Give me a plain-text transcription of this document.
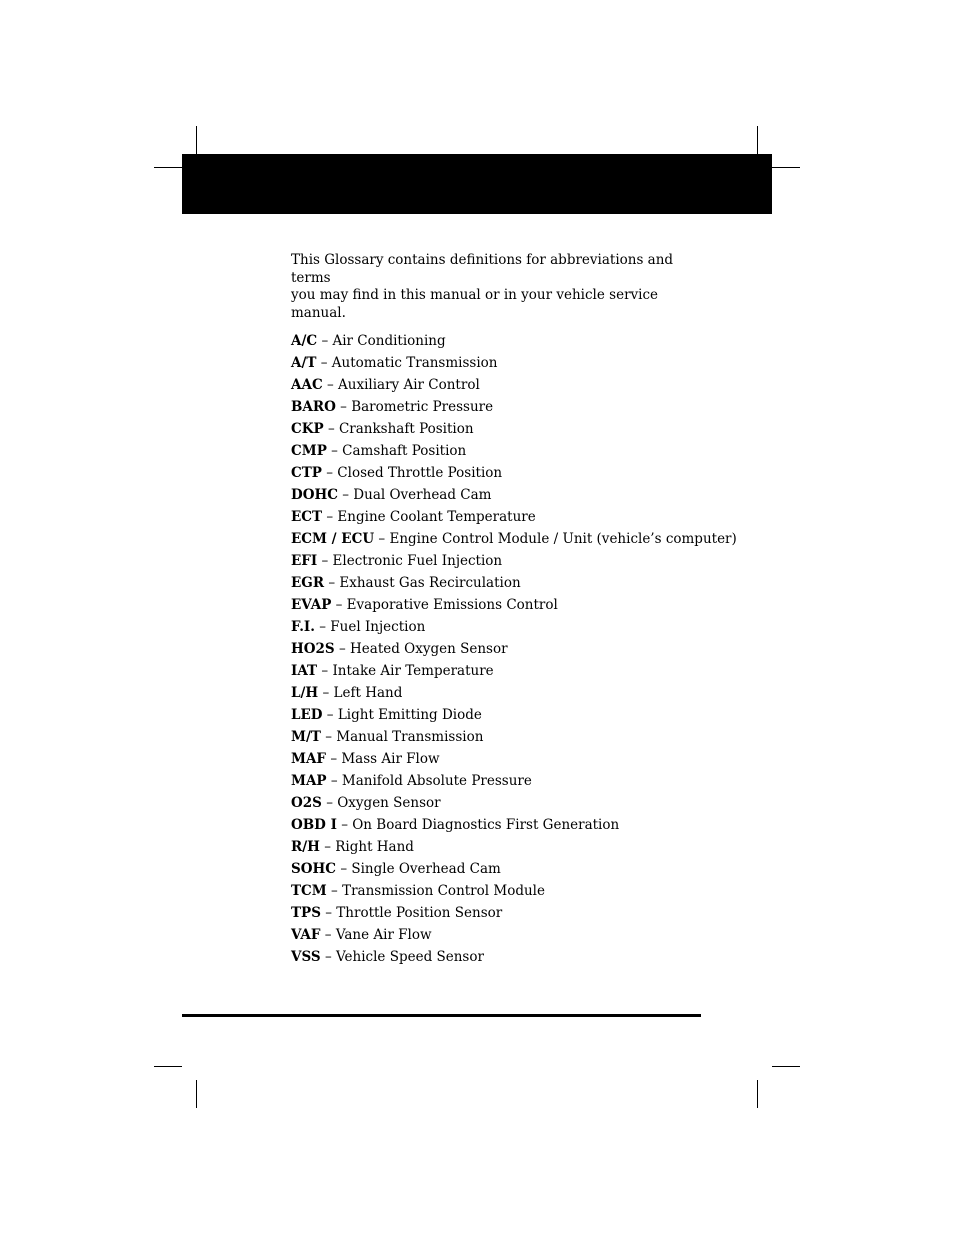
This Glossary contains definitions for abbreviations and terms
you may find in this manual or in your vehicle service manual.
A/C – Air Conditioning
A/T – Automatic Transmission
AAC – Auxiliary Air Control
BARO – Barometric Pressure
CKP – Crankshaft Position
CMP – Camshaft Position
CTP – Closed Throttle Position
DOHC – Dual Overhead Cam
ECT – Engine Coolant Temperature
ECM / ECU – Engine Control Module / Unit (vehicle’s computer)
EFI – Electronic Fuel Injection
EGR – Exhaust Gas Recirculation
EVAP – Evaporative Emissions Control
F.I. – Fuel Injection
HO2S – Heated Oxygen Sensor
IAT – Intake Air Temperature
L/H – Left Hand
LED – Light Emitting Diode
M/T – Manual Transmission
MAF – Mass Air Flow
MAP – Manifold Absolute Pressure
O2S – Oxygen Sensor
OBD I – On Board Diagnostics First Generation
R/H – Right Hand
SOHC – Single Overhead Cam
TCM – Transmission Control Module
TPS – Throttle Position Sensor
VAF – Vane Air Flow
VSS – Vehicle Speed Sensor
